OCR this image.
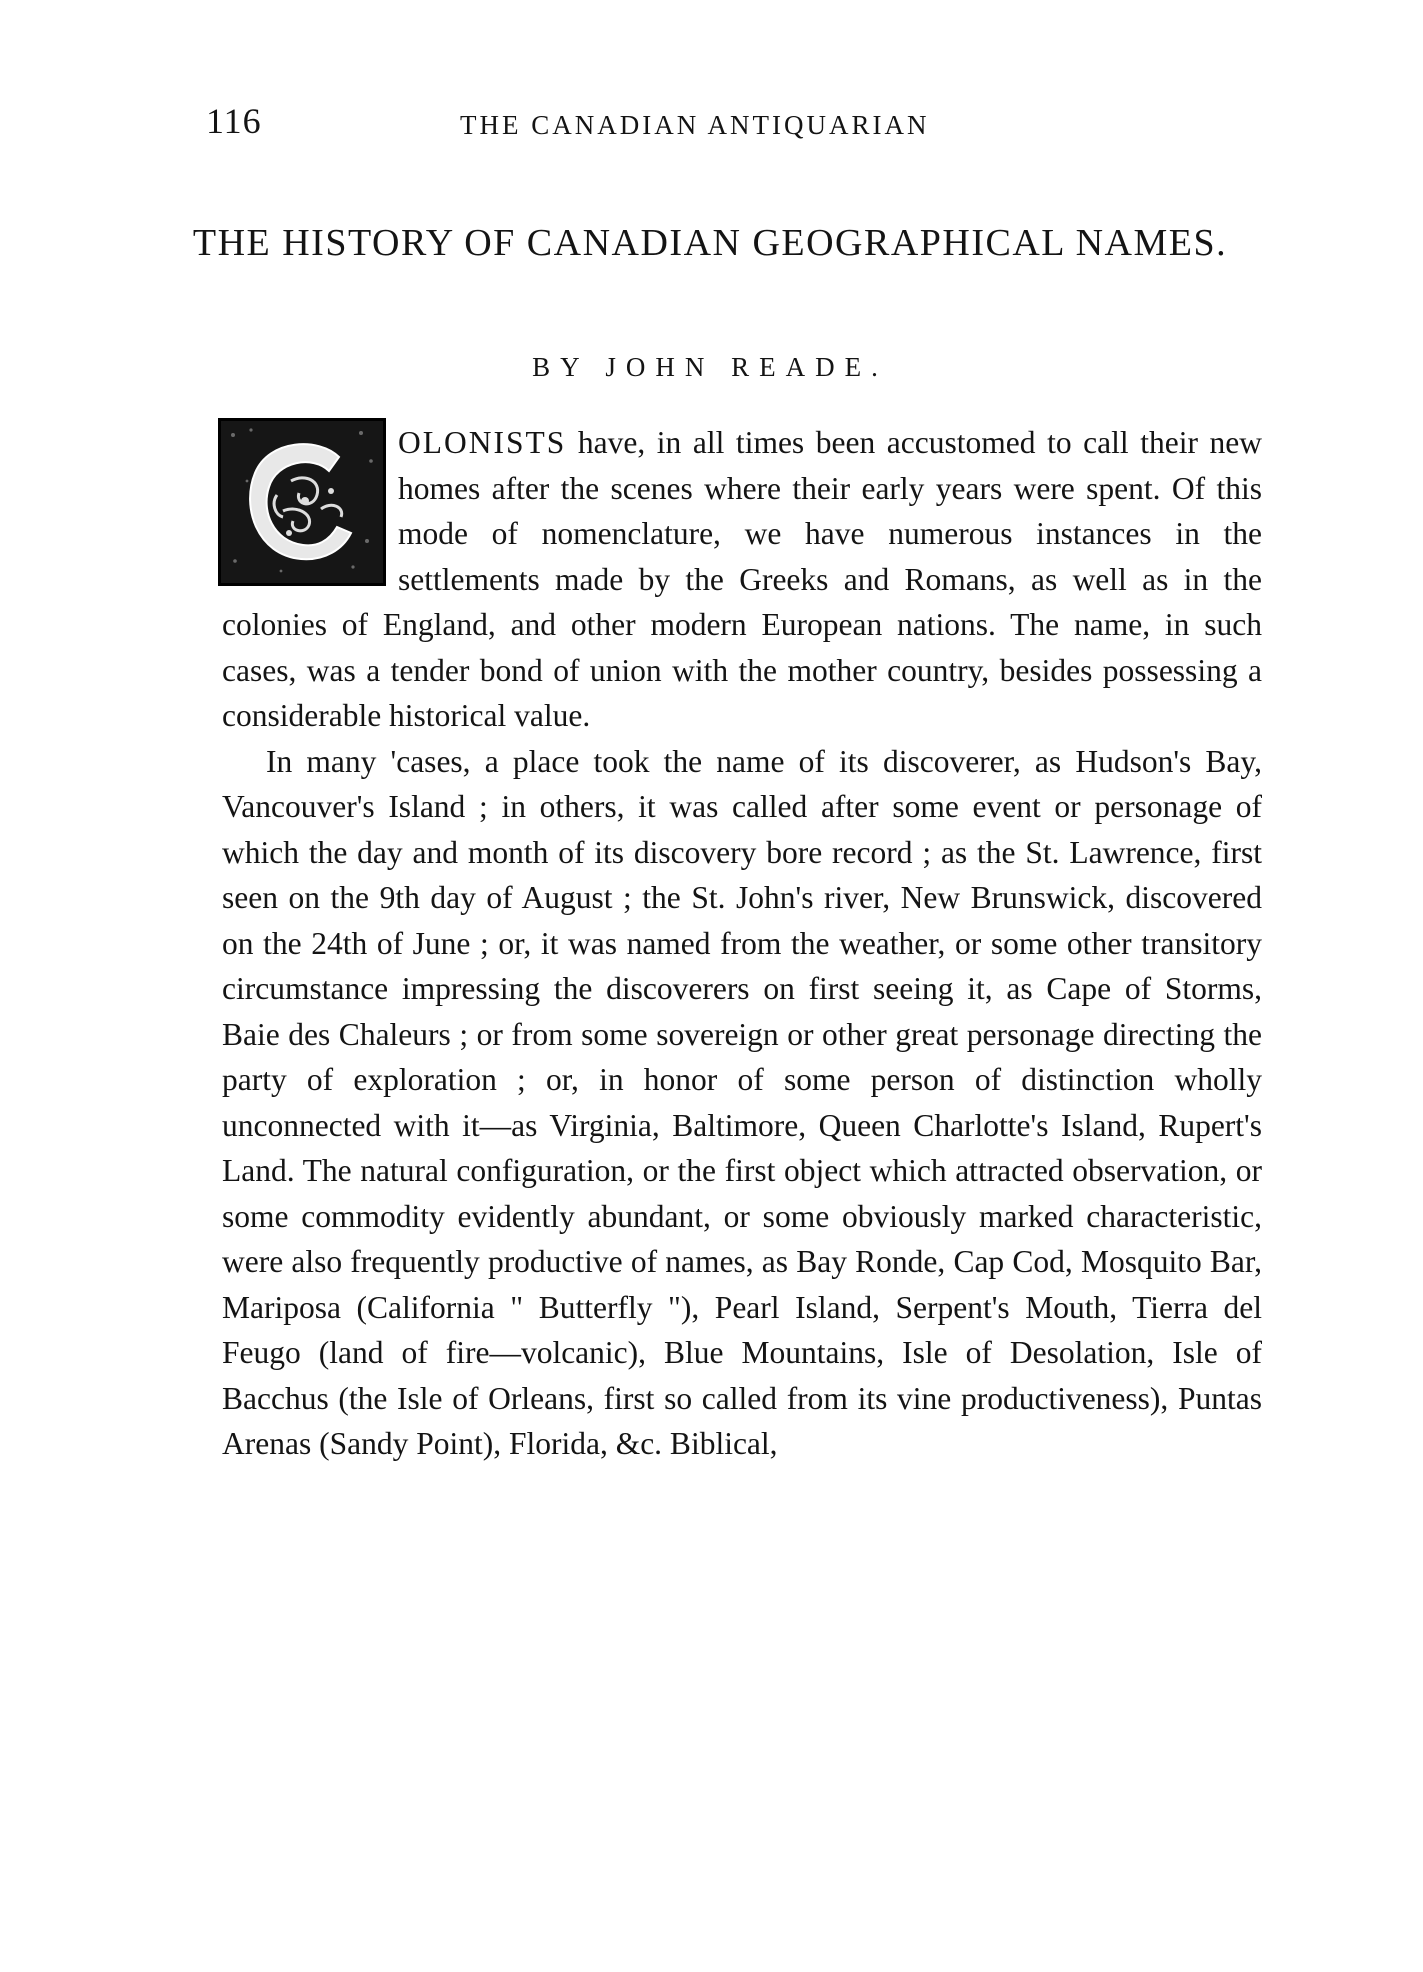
116	THE CANADIAN ANTIQUARIAN
THE HISTORY OF CANADIAN GEOGRAPHICAL NAMES.
BY JOHN READE.

OLONISTS have, in all times been accustomed to call their new homes after the scenes where their early years were spent. Of this mode of nomenclature, we have numerous instances in the settlements made by the Greeks and Romans, as well as in the colonies of England, and other modern European nations. The name, in such cases, was a tender bond of union with the mother country, besides possessing a considerable historical value.

In many 'cases, a place took the name of its discoverer, as Hudson's Bay, Vancouver's Island ; in others, it was called after some event or personage of which the day and month of its discovery bore record ; as the St. Lawrence, first seen on the 9th day of August ; the St. John's river, New Brunswick, discovered on the 24th of June ; or, it was named from the weather, or some other transitory circumstance impressing the discoverers on first seeing it, as Cape of Storms, Baie des Chaleurs ; or from some sovereign or other great personage directing the party of exploration ; or, in honor of some person of distinction wholly unconnected with it—as Virginia, Baltimore, Queen Charlotte's Island, Rupert's Land. The natural configuration, or the first object which attracted observation, or some commodity evidently abundant, or some obviously marked characteristic, were also frequently productive of names, as Bay Ronde, Cap Cod, Mosquito Bar, Mariposa (California " Butterfly "), Pearl Island, Serpent's Mouth, Tierra del Feugo (land of fire—volcanic), Blue Mountains, Isle of Desolation, Isle of Bacchus (the Isle of Orleans, first so called from its vine productiveness), Puntas Arenas (Sandy Point), Florida, &c. Biblical,
